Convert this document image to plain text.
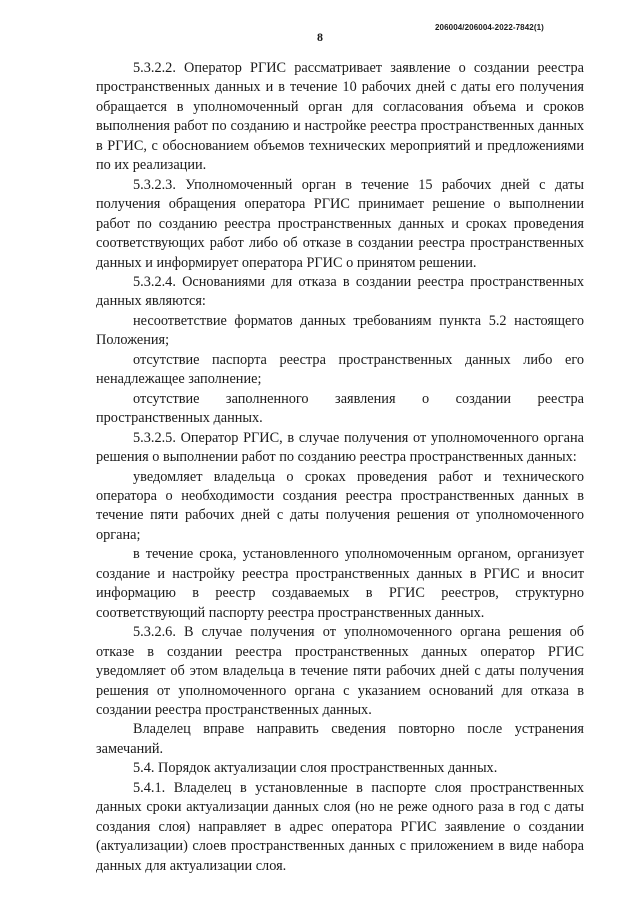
8
206004/206004-2022-7842(1)

5.3.2.2. Оператор РГИС рассматривает заявление о создании реестра пространственных данных и в течение 10 рабочих дней с даты его получения обращается в уполномоченный орган для согласования объема и сроков выполнения работ по созданию и настройке реестра пространственных данных в РГИС, с обоснованием объемов технических мероприятий и предложениями по их реализации.

5.3.2.3. Уполномоченный орган в течение 15 рабочих дней с даты получения обращения оператора РГИС принимает решение о выполнении работ по созданию реестра пространственных данных и сроках проведения соответствующих работ либо об отказе в создании реестра пространственных данных и информирует оператора РГИС о принятом решении.

5.3.2.4. Основаниями для отказа в создании реестра пространственных данных являются:

несоответствие форматов данных требованиям пункта 5.2 настоящего Положения;

отсутствие паспорта реестра пространственных данных либо его ненадлежащее заполнение;

отсутствие заполненного заявления о создании реестра пространственных данных.

5.3.2.5. Оператор РГИС, в случае получения от уполномоченного органа решения о выполнении работ по созданию реестра пространственных данных:

уведомляет владельца о сроках проведения работ и технического оператора о необходимости создания реестра пространственных данных в течение пяти рабочих дней с даты получения решения от уполномоченного органа;

в течение срока, установленного уполномоченным органом, организует создание и настройку реестра пространственных данных в РГИС и вносит информацию в реестр создаваемых в РГИС реестров, структурно соответствующий паспорту реестра пространственных данных.

5.3.2.6. В случае получения от уполномоченного органа решения об отказе в создании реестра пространственных данных оператор РГИС уведомляет об этом владельца в течение пяти рабочих дней с даты получения решения от уполномоченного органа с указанием оснований для отказа в создании реестра пространственных данных.

Владелец вправе направить сведения повторно после устранения замечаний.

5.4. Порядок актуализации слоя пространственных данных.

5.4.1. Владелец в установленные в паспорте слоя пространственных данных сроки актуализации данных слоя (но не реже одного раза в год с даты создания слоя) направляет в адрес оператора РГИС заявление о создании (актуализации) слоев пространственных данных с приложением в виде набора данных для актуализации слоя.
